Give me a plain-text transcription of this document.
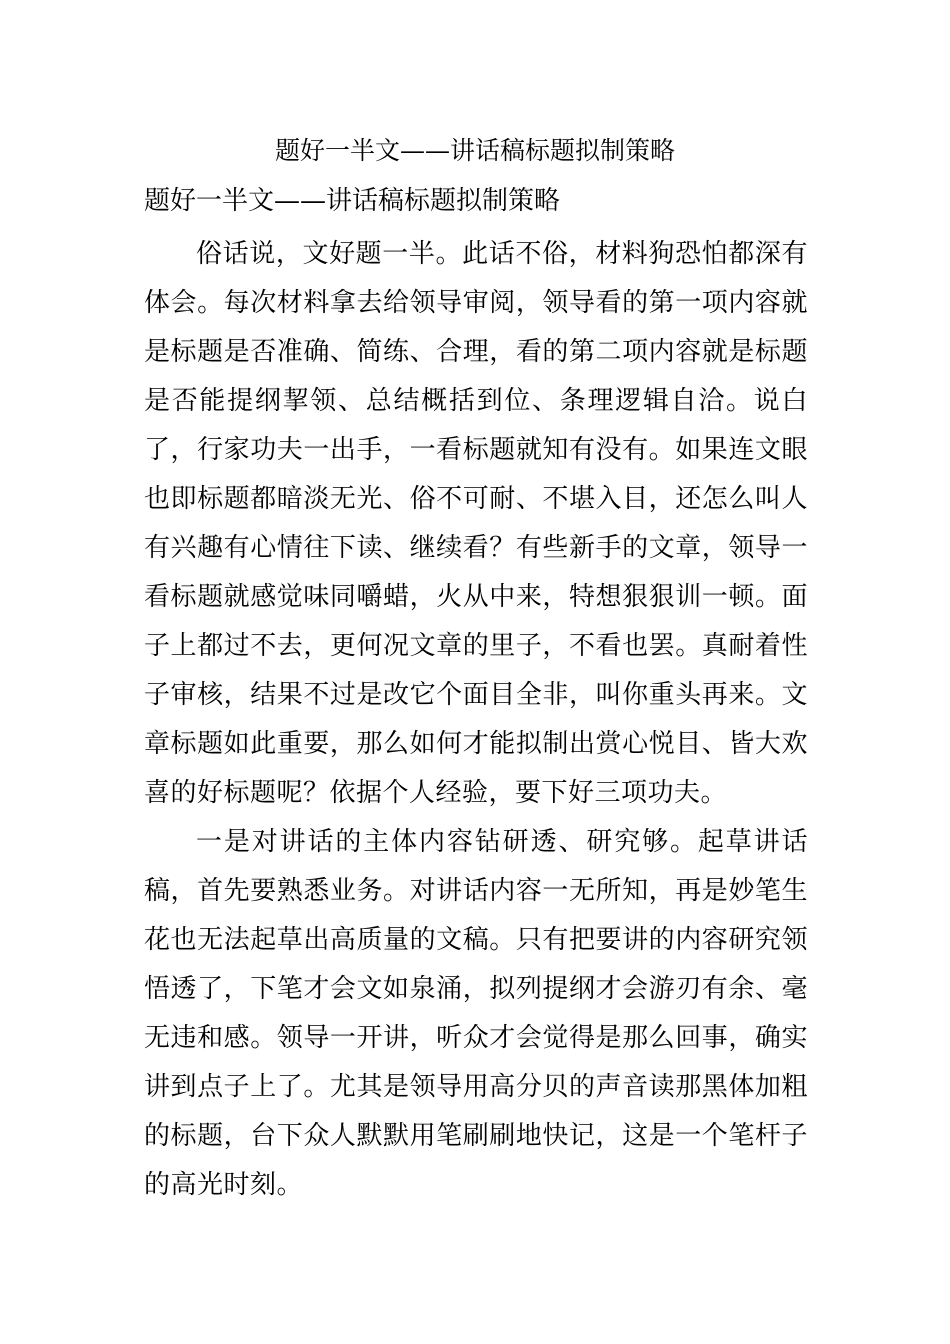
题好一半文——讲话稿标题拟制策略
题好一半文——讲话稿标题拟制策略

俗话说，文好题一半。此话不俗，材料狗恐怕都深有体会。每次材料拿去给领导审阅，领导看的第一项内容就是标题是否准确、简练、合理，看的第二项内容就是标题是否能提纲挈领、总结概括到位、条理逻辑自洽。说白了，行家功夫一出手，一看标题就知有没有。如果连文眼也即标题都暗淡无光、俗不可耐、不堪入目，还怎么叫人有兴趣有心情往下读、继续看？有些新手的文章，领导一看标题就感觉味同嚼蜡，火从中来，特想狠狠训一顿。面子上都过不去，更何况文章的里子，不看也罢。真耐着性子审核，结果不过是改它个面目全非，叫你重头再来。文章标题如此重要，那么如何才能拟制出赏心悦目、皆大欢喜的好标题呢？依据个人经验，要下好三项功夫。

一是对讲话的主体内容钻研透、研究够。起草讲话稿，首先要熟悉业务。对讲话内容一无所知，再是妙笔生花也无法起草出高质量的文稿。只有把要讲的内容研究领悟透了，下笔才会文如泉涌，拟列提纲才会游刃有余、毫无违和感。领导一开讲，听众才会觉得是那么回事，确实讲到点子上了。尤其是领导用高分贝的声音读那黑体加粗的标题，台下众人默默用笔刷刷地快记，这是一个笔杆子的高光时刻。
